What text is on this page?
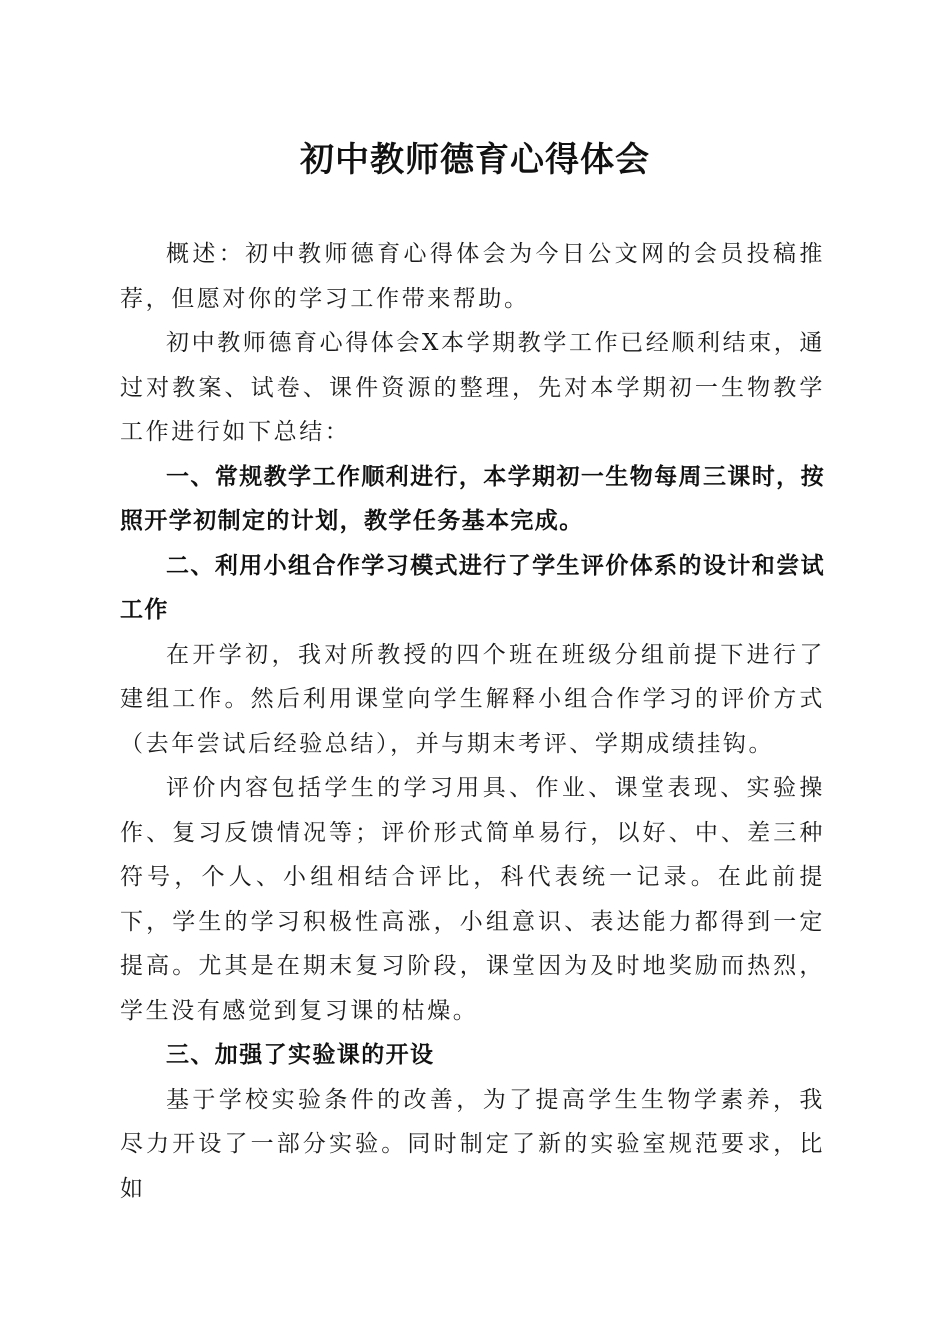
初中教师德育心得体会

概述：初中教师德育心得体会为今日公文网的会员投稿推荐，但愿对你的学习工作带来帮助。

初中教师德育心得体会X本学期教学工作已经顺利结束，通过对教案、试卷、课件资源的整理，先对本学期初一生物教学工作进行如下总结：

一、常规教学工作顺利进行，本学期初一生物每周三课时，按照开学初制定的计划，教学任务基本完成。

二、利用小组合作学习模式进行了学生评价体系的设计和尝试工作

在开学初，我对所教授的四个班在班级分组前提下进行了建组工作。然后利用课堂向学生解释小组合作学习的评价方式（去年尝试后经验总结），并与期末考评、学期成绩挂钩。

评价内容包括学生的学习用具、作业、课堂表现、实验操作、复习反馈情况等；评价形式简单易行，以好、中、差三种符号，个人、小组相结合评比，科代表统一记录。在此前提下，学生的学习积极性高涨，小组意识、表达能力都得到一定提高。尤其是在期末复习阶段，课堂因为及时地奖励而热烈，学生没有感觉到复习课的枯燥。

三、加强了实验课的开设

基于学校实验条件的改善，为了提高学生生物学素养，我尽力开设了一部分实验。同时制定了新的实验室规范要求，比如
